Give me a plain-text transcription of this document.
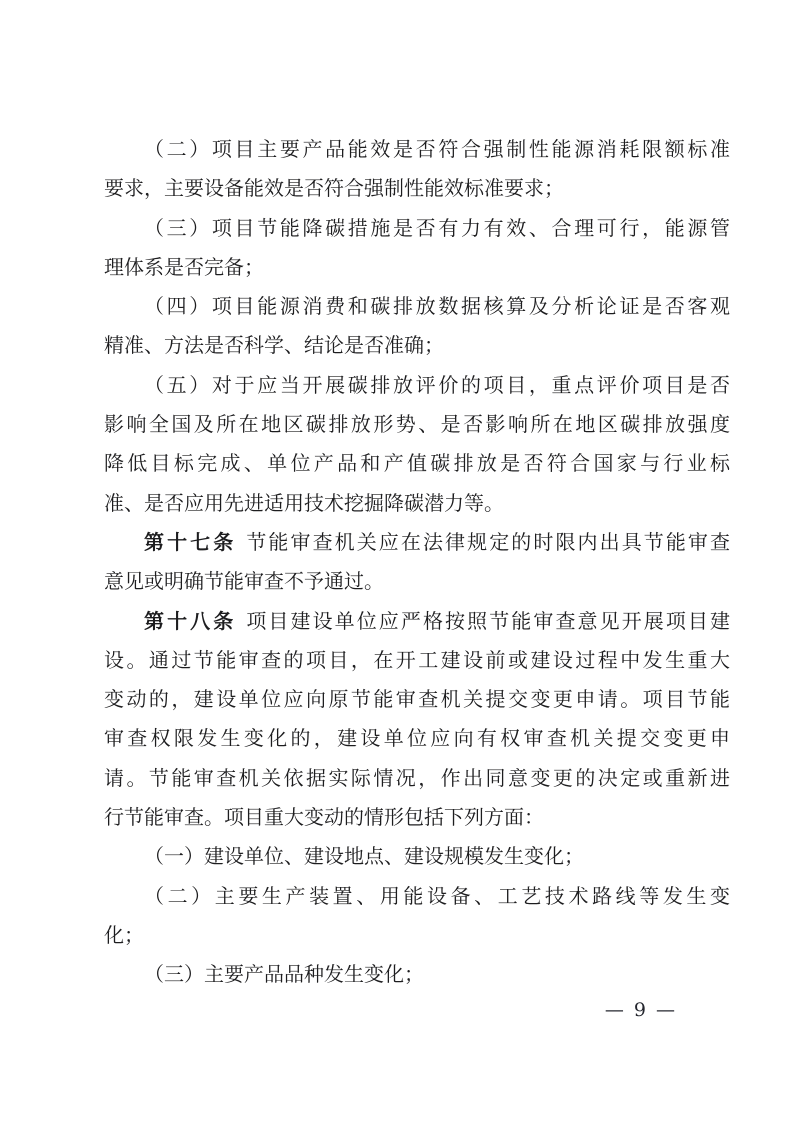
（二）项目主要产品能效是否符合强制性能源消耗限额标准
要求，主要设备能效是否符合强制性能效标准要求；
（三）项目节能降碳措施是否有力有效、合理可行，能源管
理体系是否完备；
（四）项目能源消费和碳排放数据核算及分析论证是否客观
精准、方法是否科学、结论是否准确；
（五）对于应当开展碳排放评价的项目，重点评价项目是否
影响全国及所在地区碳排放形势、是否影响所在地区碳排放强度
降低目标完成、单位产品和产值碳排放是否符合国家与行业标
准、是否应用先进适用技术挖掘降碳潜力等。
第十七条 节能审查机关应在法律规定的时限内出具节能审查
意见或明确节能审查不予通过。
第十八条 项目建设单位应严格按照节能审查意见开展项目建
设。通过节能审查的项目，在开工建设前或建设过程中发生重大
变动的，建设单位应向原节能审查机关提交变更申请。项目节能
审查权限发生变化的，建设单位应向有权审查机关提交变更申
请。节能审查机关依据实际情况，作出同意变更的决定或重新进
行节能审查。项目重大变动的情形包括下列方面：
（一）建设单位、建设地点、建设规模发生变化；
（二）主要生产装置、用能设备、工艺技术路线等发生变
化；
（三）主要产品品种发生变化；
— 9 —
